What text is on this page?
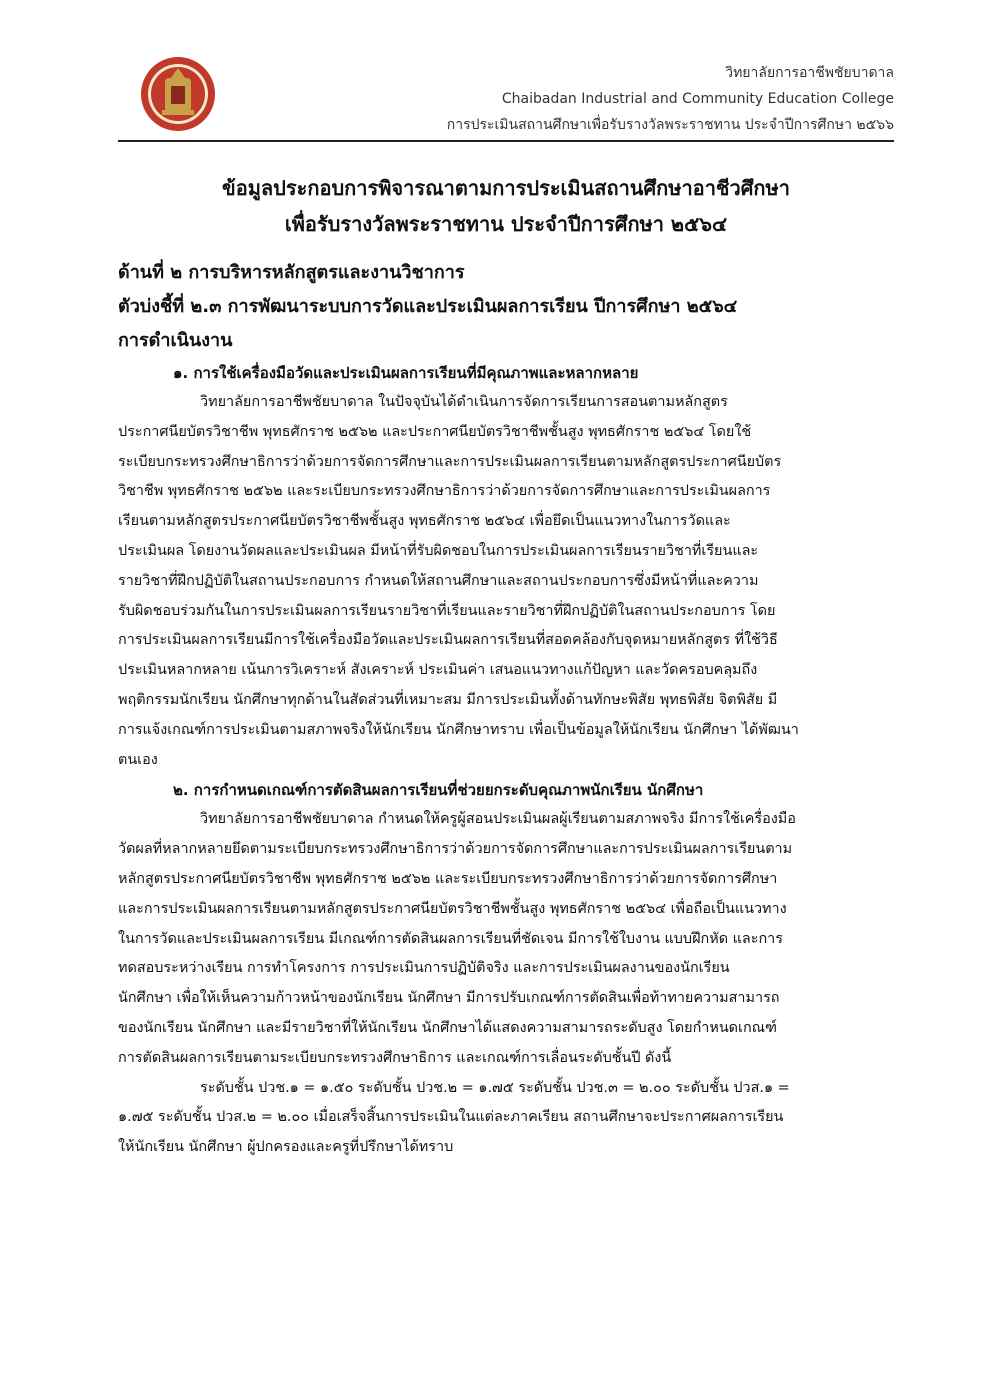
วิทยาลัยการอาชีพชัยบาดาล
Chaibadan Industrial and Community Education College
การประเมินสถานศึกษาเพื่อรับรางวัลพระราชทาน ประจำปีการศึกษา ๒๕๖๖
ข้อมูลประกอบการพิจารณาตามการประเมินสถานศึกษาอาชีวศึกษา
เพื่อรับรางวัลพระราชทาน ประจำปีการศึกษา ๒๕๖๔
ด้านที่ ๒ การบริหารหลักสูตรและงานวิชาการ
ตัวบ่งชี้ที่ ๒.๓ การพัฒนาระบบการวัดและประเมินผลการเรียน ปีการศึกษา ๒๕๖๔
การดำเนินงาน
๑. การใช้เครื่องมือวัดและประเมินผลการเรียนที่มีคุณภาพและหลากหลาย
วิทยาลัยการอาชีพชัยบาดาล ในปัจจุบันได้ดำเนินการจัดการเรียนการสอนตามหลักสูตร
ประกาศนียบัตรวิชาชีพ พุทธศักราช ๒๕๖๒ และประกาศนียบัตรวิชาชีพชั้นสูง พุทธศักราช ๒๕๖๔ โดยใช้
ระเบียบกระทรวงศึกษาธิการว่าด้วยการจัดการศึกษาและการประเมินผลการเรียนตามหลักสูตรประกาศนียบัตร
วิชาชีพ พุทธศักราช ๒๕๖๒ และระเบียบกระทรวงศึกษาธิการว่าด้วยการจัดการศึกษาและการประเมินผลการ
เรียนตามหลักสูตรประกาศนียบัตรวิชาชีพชั้นสูง พุทธศักราช ๒๕๖๔ เพื่อยึดเป็นแนวทางในการวัดและ
ประเมินผล โดยงานวัดผลและประเมินผล มีหน้าที่รับผิดชอบในการประเมินผลการเรียนรายวิชาที่เรียนและ
รายวิชาที่ฝึกปฏิบัติในสถานประกอบการ กำหนดให้สถานศึกษาและสถานประกอบการซึ่งมีหน้าที่และความ
รับผิดชอบร่วมกันในการประเมินผลการเรียนรายวิชาที่เรียนและรายวิชาที่ฝึกปฏิบัติในสถานประกอบการ โดย
การประเมินผลการเรียนมีการใช้เครื่องมือวัดและประเมินผลการเรียนที่สอดคล้องกับจุดหมายหลักสูตร ที่ใช้วิธี
ประเมินหลากหลาย เน้นการวิเคราะห์ สังเคราะห์ ประเมินค่า เสนอแนวทางแก้ปัญหา และวัดครอบคลุมถึง
พฤติกรรมนักเรียน นักศึกษาทุกด้านในสัดส่วนที่เหมาะสม มีการประเมินทั้งด้านทักษะพิสัย พุทธพิสัย จิตพิสัย มี
การแจ้งเกณฑ์การประเมินตามสภาพจริงให้นักเรียน นักศึกษาทราบ เพื่อเป็นข้อมูลให้นักเรียน นักศึกษา ได้พัฒนา
ตนเอง
๒. การกำหนดเกณฑ์การตัดสินผลการเรียนที่ช่วยยกระดับคุณภาพนักเรียน นักศึกษา
วิทยาลัยการอาชีพชัยบาดาล กำหนดให้ครูผู้สอนประเมินผลผู้เรียนตามสภาพจริง มีการใช้เครื่องมือ
วัดผลที่หลากหลายยึดตามระเบียบกระทรวงศึกษาธิการว่าด้วยการจัดการศึกษาและการประเมินผลการเรียนตาม
หลักสูตรประกาศนียบัตรวิชาชีพ พุทธศักราช ๒๕๖๒ และระเบียบกระทรวงศึกษาธิการว่าด้วยการจัดการศึกษา
และการประเมินผลการเรียนตามหลักสูตรประกาศนียบัตรวิชาชีพชั้นสูง พุทธศักราช ๒๕๖๔ เพื่อถือเป็นแนวทาง
ในการวัดและประเมินผลการเรียน มีเกณฑ์การตัดสินผลการเรียนที่ชัดเจน มีการใช้ใบงาน แบบฝึกหัด และการ
ทดสอบระหว่างเรียน การทำโครงการ การประเมินการปฏิบัติจริง และการประเมินผลงานของนักเรียน
นักศึกษา เพื่อให้เห็นความก้าวหน้าของนักเรียน นักศึกษา มีการปรับเกณฑ์การตัดสินเพื่อท้าทายความสามารถ
ของนักเรียน นักศึกษา และมีรายวิชาที่ให้นักเรียน นักศึกษาได้แสดงความสามารถระดับสูง โดยกำหนดเกณฑ์
การตัดสินผลการเรียนตามระเบียบกระทรวงศึกษาธิการ และเกณฑ์การเลื่อนระดับชั้นปี ดังนี้
ระดับชั้น ปวช.๑ = ๑.๕๐ ระดับชั้น ปวช.๒ = ๑.๗๕ ระดับชั้น ปวช.๓ = ๒.๐๐ ระดับชั้น ปวส.๑ =
๑.๗๕ ระดับชั้น ปวส.๒ = ๒.๐๐ เมื่อเสร็จสิ้นการประเมินในแต่ละภาคเรียน สถานศึกษาจะประกาศผลการเรียน
ให้นักเรียน นักศึกษา ผู้ปกครองและครูที่ปรึกษาได้ทราบ
